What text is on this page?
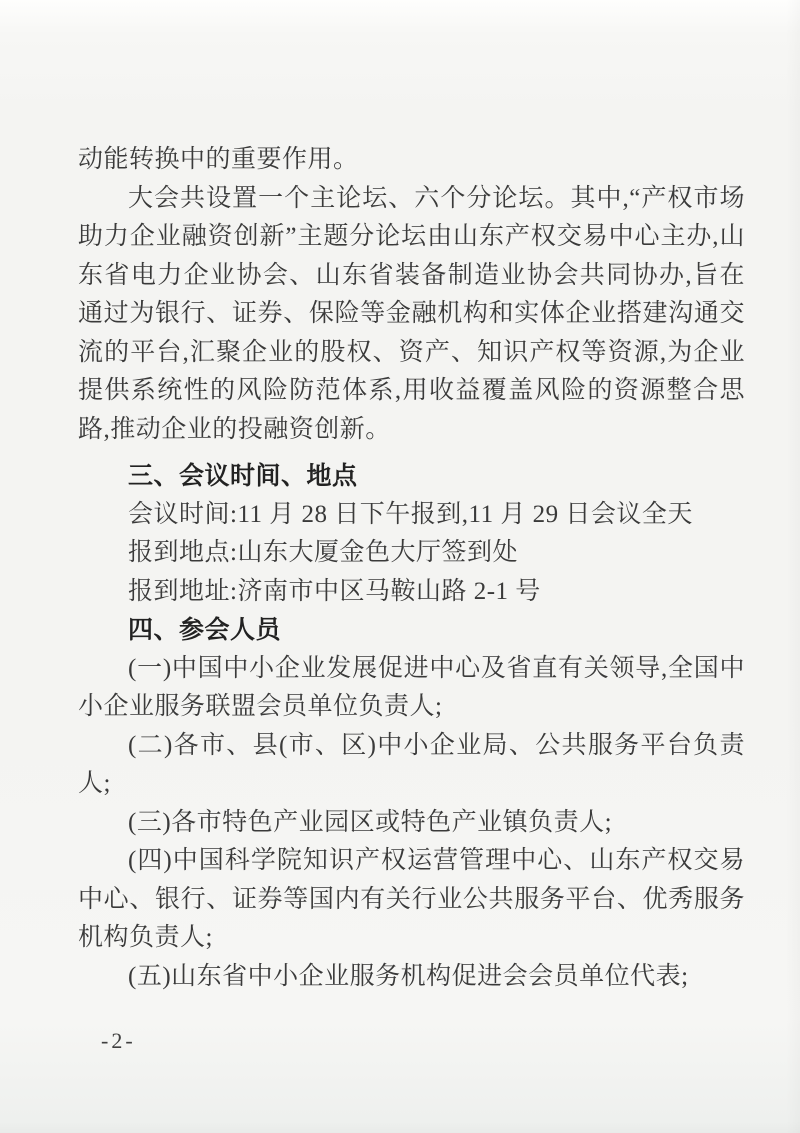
动能转换中的重要作用。

大会共设置一个主论坛、六个分论坛。其中,“产权市场助力企业融资创新”主题分论坛由山东产权交易中心主办,山东省电力企业协会、山东省装备制造业协会共同协办,旨在通过为银行、证券、保险等金融机构和实体企业搭建沟通交流的平台,汇聚企业的股权、资产、知识产权等资源,为企业提供系统性的风险防范体系,用收益覆盖风险的资源整合思路,推动企业的投融资创新。

三、会议时间、地点

会议时间:11 月 28 日下午报到,11 月 29 日会议全天

报到地点:山东大厦金色大厅签到处

报到地址:济南市中区马鞍山路 2-1 号

四、参会人员

(一)中国中小企业发展促进中心及省直有关领导,全国中小企业服务联盟会员单位负责人;

(二)各市、县(市、区)中小企业局、公共服务平台负责人;

(三)各市特色产业园区或特色产业镇负责人;

(四)中国科学院知识产权运营管理中心、山东产权交易中心、银行、证券等国内有关行业公共服务平台、优秀服务机构负责人;

(五)山东省中小企业服务机构促进会会员单位代表;

-2-
